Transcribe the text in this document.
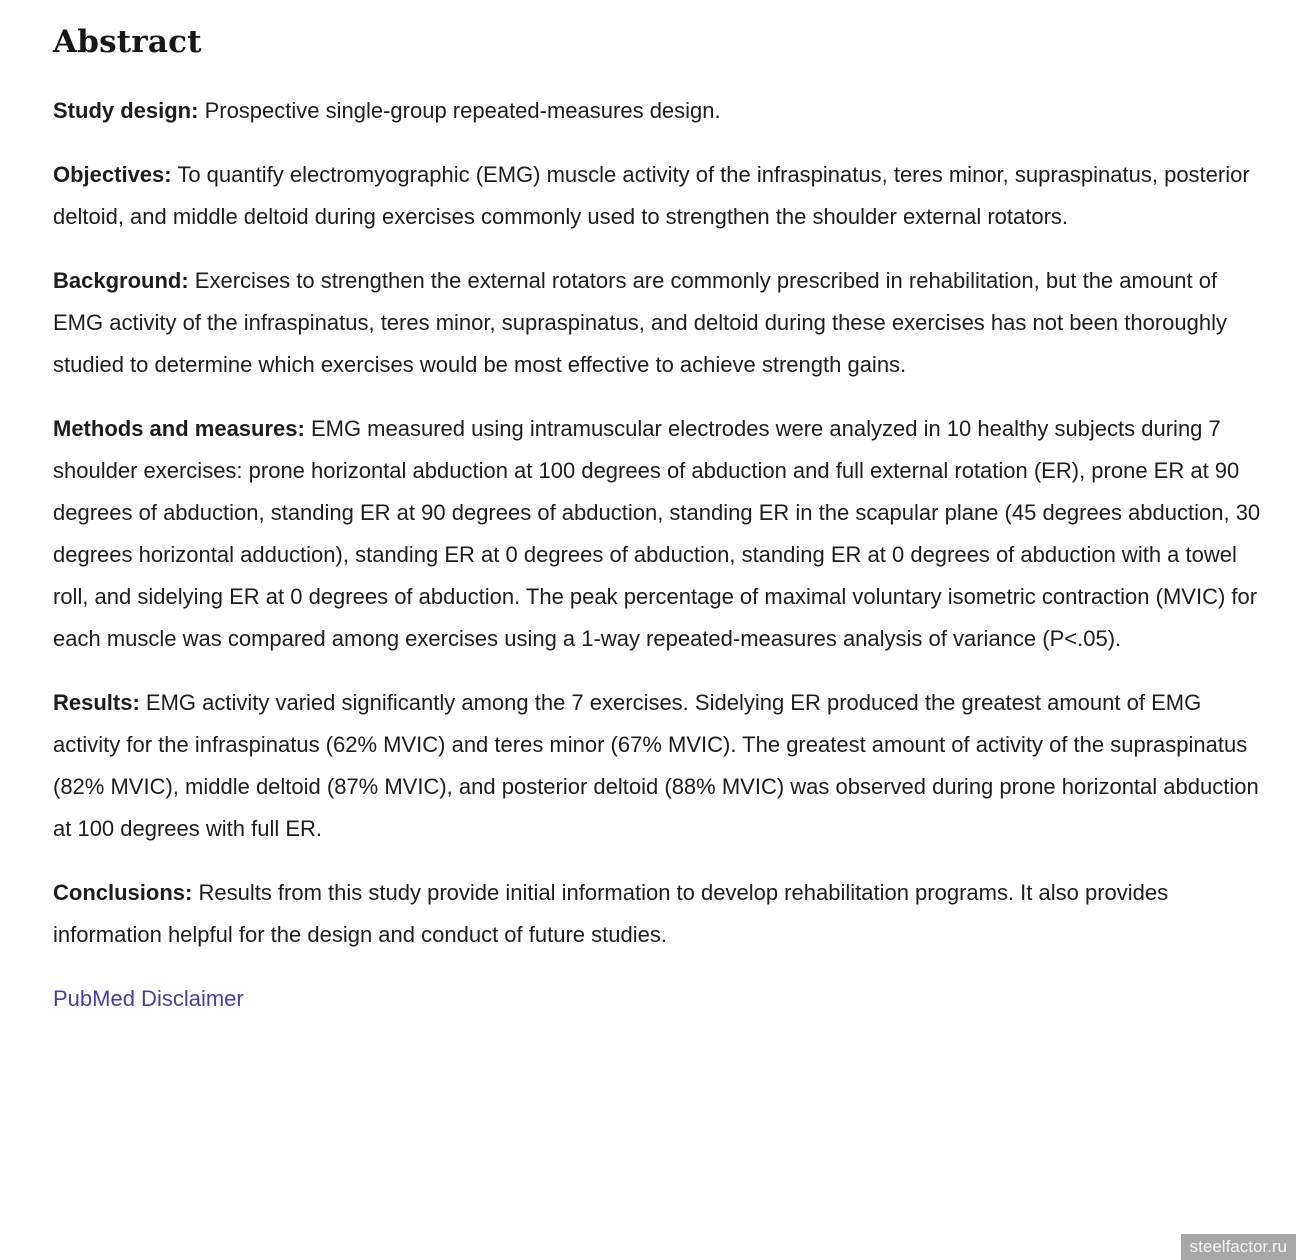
Abstract

Study design: Prospective single-group repeated-measures design.

Objectives: To quantify electromyographic (EMG) muscle activity of the infraspinatus, teres minor, supraspinatus, posterior deltoid, and middle deltoid during exercises commonly used to strengthen the shoulder external rotators.

Background: Exercises to strengthen the external rotators are commonly prescribed in rehabilitation, but the amount of EMG activity of the infraspinatus, teres minor, supraspinatus, and deltoid during these exercises has not been thoroughly studied to determine which exercises would be most effective to achieve strength gains.

Methods and measures: EMG measured using intramuscular electrodes were analyzed in 10 healthy subjects during 7 shoulder exercises: prone horizontal abduction at 100 degrees of abduction and full external rotation (ER), prone ER at 90 degrees of abduction, standing ER at 90 degrees of abduction, standing ER in the scapular plane (45 degrees abduction, 30 degrees horizontal adduction), standing ER at 0 degrees of abduction, standing ER at 0 degrees of abduction with a towel roll, and sidelying ER at 0 degrees of abduction. The peak percentage of maximal voluntary isometric contraction (MVIC) for each muscle was compared among exercises using a 1-way repeated-measures analysis of variance (P<.05).

Results: EMG activity varied significantly among the 7 exercises. Sidelying ER produced the greatest amount of EMG activity for the infraspinatus (62% MVIC) and teres minor (67% MVIC). The greatest amount of activity of the supraspinatus (82% MVIC), middle deltoid (87% MVIC), and posterior deltoid (88% MVIC) was observed during prone horizontal abduction at 100 degrees with full ER.

Conclusions: Results from this study provide initial information to develop rehabilitation programs. It also provides information helpful for the design and conduct of future studies.

PubMed Disclaimer

steelfactor.ru
